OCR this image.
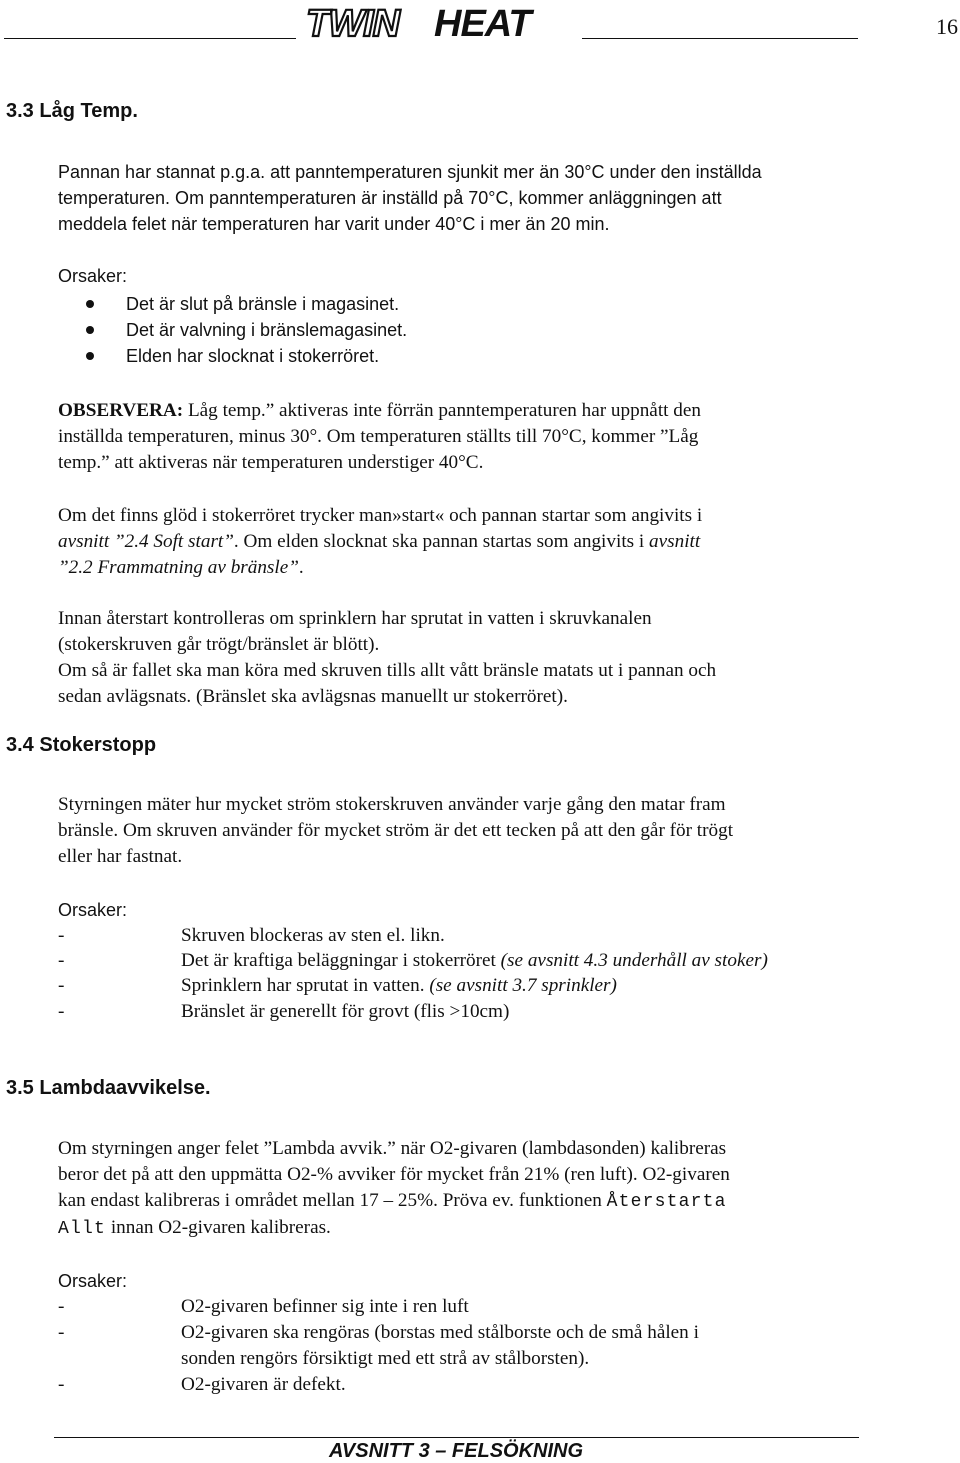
TWIN HEAT	16
3.3 Låg Temp.
Pannan har stannat p.g.a. att panntemperaturen sjunkit mer än 30°C under den inställda
temperaturen. Om panntemperaturen är inställd på 70°C, kommer anläggningen att
meddela felet när temperaturen har varit under 40°C i mer än 20 min.
Orsaker:
Det är slut på bränsle i magasinet.
Det är valvning i bränslemagasinet.
Elden har slocknat i stokerröret.
OBSERVERA: Låg temp.” aktiveras inte förrän panntemperaturen har uppnått den
inställda temperaturen, minus 30°. Om temperaturen ställts till 70°C, kommer ”Låg
temp.” att aktiveras när temperaturen understiger 40°C.
Om det finns glöd i stokerröret trycker man»start« och pannan startar som angivits i
avsnitt ”2.4 Soft start”. Om elden slocknat ska pannan startas som angivits i avsnitt
”2.2 Frammatning av bränsle”.
Innan återstart kontrolleras om sprinklern har sprutat in vatten i skruvkanalen
(stokerskruven går trögt/bränslet är blött).
Om så är fallet ska man köra med skruven tills allt vått bränsle matats ut i pannan och
sedan avlägsnats. (Bränslet ska avlägsnas manuellt ur stokerröret).
3.4 Stokerstopp
Styrningen mäter hur mycket ström stokerskruven använder varje gång den matar fram
bränsle. Om skruven använder för mycket ström är det ett tecken på att den går för trögt
eller har fastnat.
Orsaker:
-	Skruven blockeras av sten el. likn.
-	Det är kraftiga beläggningar i stokerröret (se avsnitt 4.3 underhåll av stoker)
-	Sprinklern har sprutat in vatten. (se avsnitt 3.7 sprinkler)
-	Bränslet är generellt för grovt (flis >10cm)
3.5 Lambdaavvikelse.
Om styrningen anger felet ”Lambda avvik.” när O2-givaren (lambdasonden) kalibreras
beror det på att den uppmätta O2-% avviker för mycket från 21% (ren luft). O2-givaren
kan endast kalibreras i området mellan 17 – 25%. Pröva ev. funktionen Återstarta
Allt innan O2-givaren kalibreras.
Orsaker:
-	O2-givaren befinner sig inte i ren luft
-	O2-givaren ska rengöras (borstas med stålborste och de små hålen i
sonden rengörs försiktigt med ett strå av stålborsten).
-	O2-givaren är defekt.
AVSNITT 3 – FELSÖKNING
